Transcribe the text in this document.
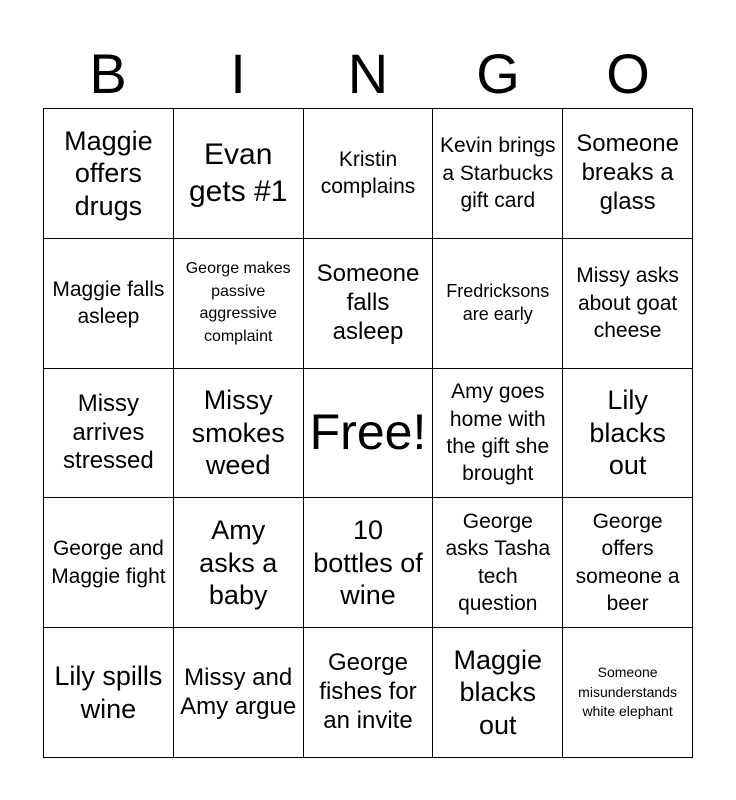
B	I	N	G	O
Maggie offers drugs
Evan gets #1
Kristin complains
Kevin brings a Starbucks gift card
Someone breaks a glass
Maggie falls asleep
George makes passive aggressive complaint
Someone falls asleep
Fredricksons are early
Missy asks about goat cheese
Missy arrives stressed
Missy smokes weed
Free!
Amy goes home with the gift she brought
Lily blacks out
George and Maggie fight
Amy asks a baby
10 bottles of wine
George asks Tasha tech question
George offers someone a beer
Lily spills wine
Missy and Amy argue
George fishes for an invite
Maggie blacks out
Someone misunderstands white elephant
